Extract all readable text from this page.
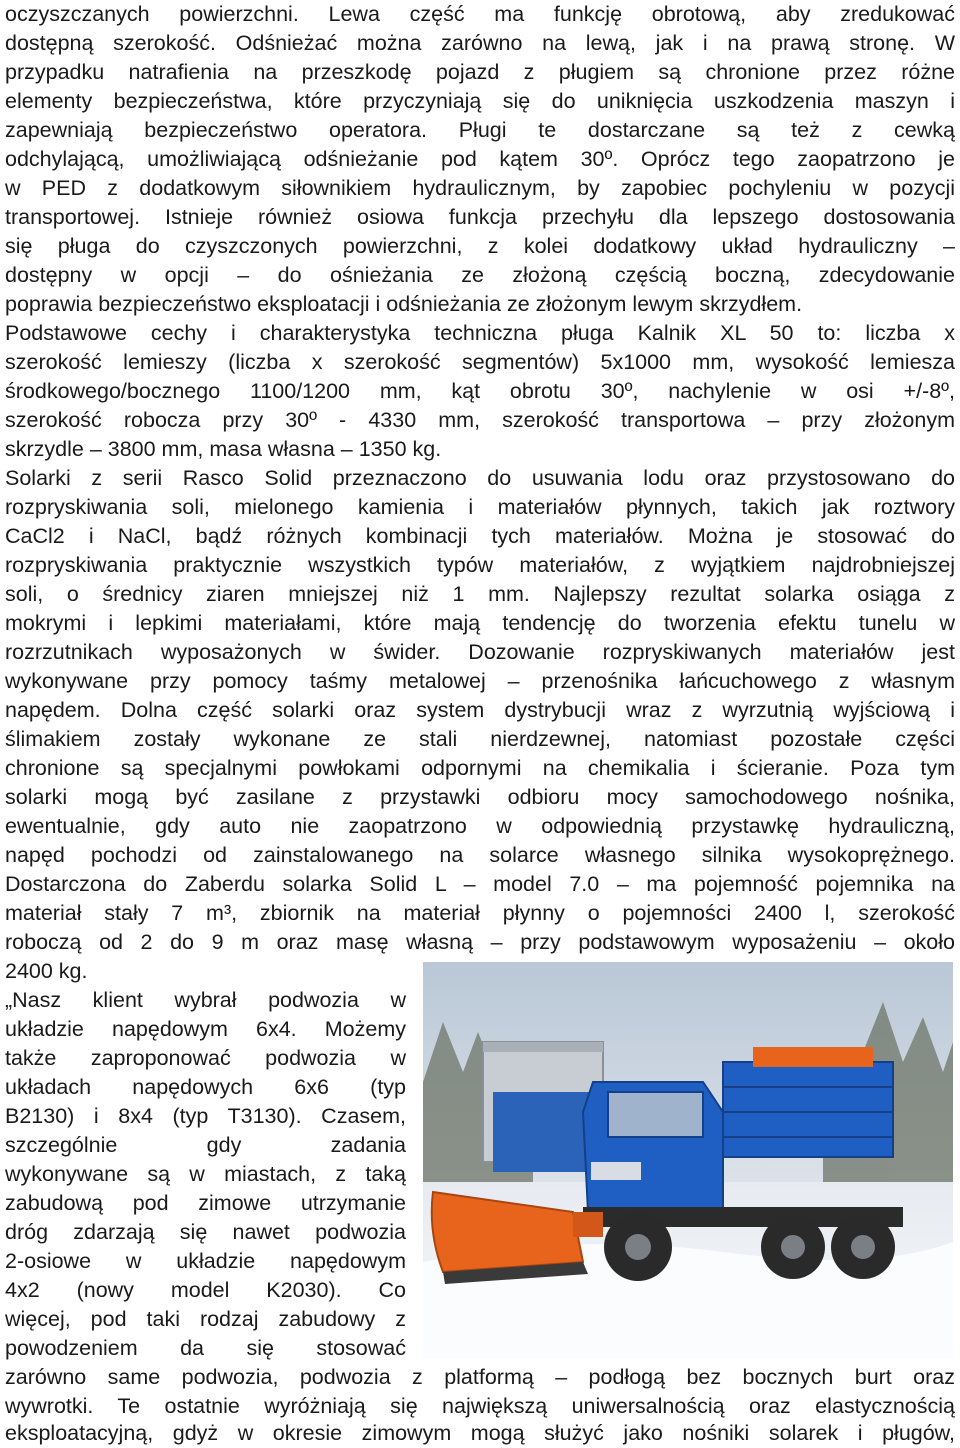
oczyszczanych powierzchni. Lewa część ma funkcję obrotową, aby zredukować
dostępną szerokość. Odśnieżać można zarówno na lewą, jak i na prawą stronę. W
przypadku natrafienia na przeszkodę pojazd z pługiem są chronione przez różne
elementy bezpieczeństwa, które przyczyniają się do uniknięcia uszkodzenia maszyn i
zapewniają bezpieczeństwo operatora. Pługi te dostarczane są też z cewką
odchylającą, umożliwiającą odśnieżanie pod kątem 30º. Oprócz tego zaopatrzono je
w PED z dodatkowym siłownikiem hydraulicznym, by zapobiec pochyleniu w pozycji
transportowej. Istnieje również osiowa funkcja przechyłu dla lepszego dostosowania
się pługa do czyszczonych powierzchni, z kolei dodatkowy układ hydrauliczny –
dostępny w opcji – do ośnieżania ze złożoną częścią boczną, zdecydowanie
poprawia bezpieczeństwo eksploatacji i odśnieżania ze złożonym lewym skrzydłem.
Podstawowe cechy i charakterystyka techniczna pługa Kalnik XL 50 to: liczba x
szerokość lemieszy (liczba x szerokość segmentów) 5x1000 mm, wysokość lemiesza
środkowego/bocznego 1100/1200 mm, kąt obrotu 30º, nachylenie w osi +/-8º,
szerokość robocza przy 30º - 4330 mm, szerokość transportowa – przy złożonym
skrzydle – 3800 mm, masa własna – 1350 kg.
Solarki z serii Rasco Solid przeznaczono do usuwania lodu oraz przystosowano do
rozpryskiwania soli, mielonego kamienia i materiałów płynnych, takich jak roztwory
CaCl2 i NaCl, bądź różnych kombinacji tych materiałów. Można je stosować do
rozpryskiwania praktycznie wszystkich typów materiałów, z wyjątkiem najdrobniejszej
soli, o średnicy ziaren mniejszej niż 1 mm. Najlepszy rezultat solarka osiąga z
mokrymi i lepkimi materiałami, które mają tendencję do tworzenia efektu tunelu w
rozrzutnikach wyposażonych w świder. Dozowanie rozpryskiwanych materiałów jest
wykonywane przy pomocy taśmy metalowej – przenośnika łańcuchowego z własnym
napędem. Dolna część solarki oraz system dystrybucji wraz z wyrzutnią wyjściową i
ślimakiem zostały wykonane ze stali nierdzewnej, natomiast pozostałe części
chronione są specjalnymi powłokami odpornymi na chemikalia i ścieranie. Poza tym
solarki mogą być zasilane z przystawki odbioru mocy samochodowego nośnika,
ewentualnie, gdy auto nie zaopatrzono w odpowiednią przystawkę hydrauliczną,
napęd pochodzi od zainstalowanego na solarce własnego silnika wysokoprężnego.
Dostarczona do Zaberdu solarka Solid L – model 7.0 – ma pojemność pojemnika na
materiał stały 7 m³, zbiornik na materiał płynny o pojemności 2400 l, szerokość
roboczą od 2 do 9 m oraz masę własną – przy podstawowym wyposażeniu – około
2400 kg.
„Nasz klient wybrał podwozia w
układzie napędowym 6x4. Możemy
także zaproponować podwozia w
układach napędowych 6x6 (typ
B2130) i 8x4 (typ T3130). Czasem,
szczególnie gdy zadania
wykonywane są w miastach, z taką
zabudową pod zimowe utrzymanie
dróg zdarzają się nawet podwozia
2-osiowe w układzie napędowym
4x2 (nowy model K2030). Co
więcej, pod taki rodzaj zabudowy z
powodzeniem da się stosować
zarówno same podwozia, podwozia z platformą – podłogą bez bocznych burt oraz
wywrotki. Te ostatnie wyróżniają się największą uniwersalnością oraz elastycznością
eksploatacyjną, gdyż w okresie zimowym mogą służyć jako nośniki solarek i pługów,
